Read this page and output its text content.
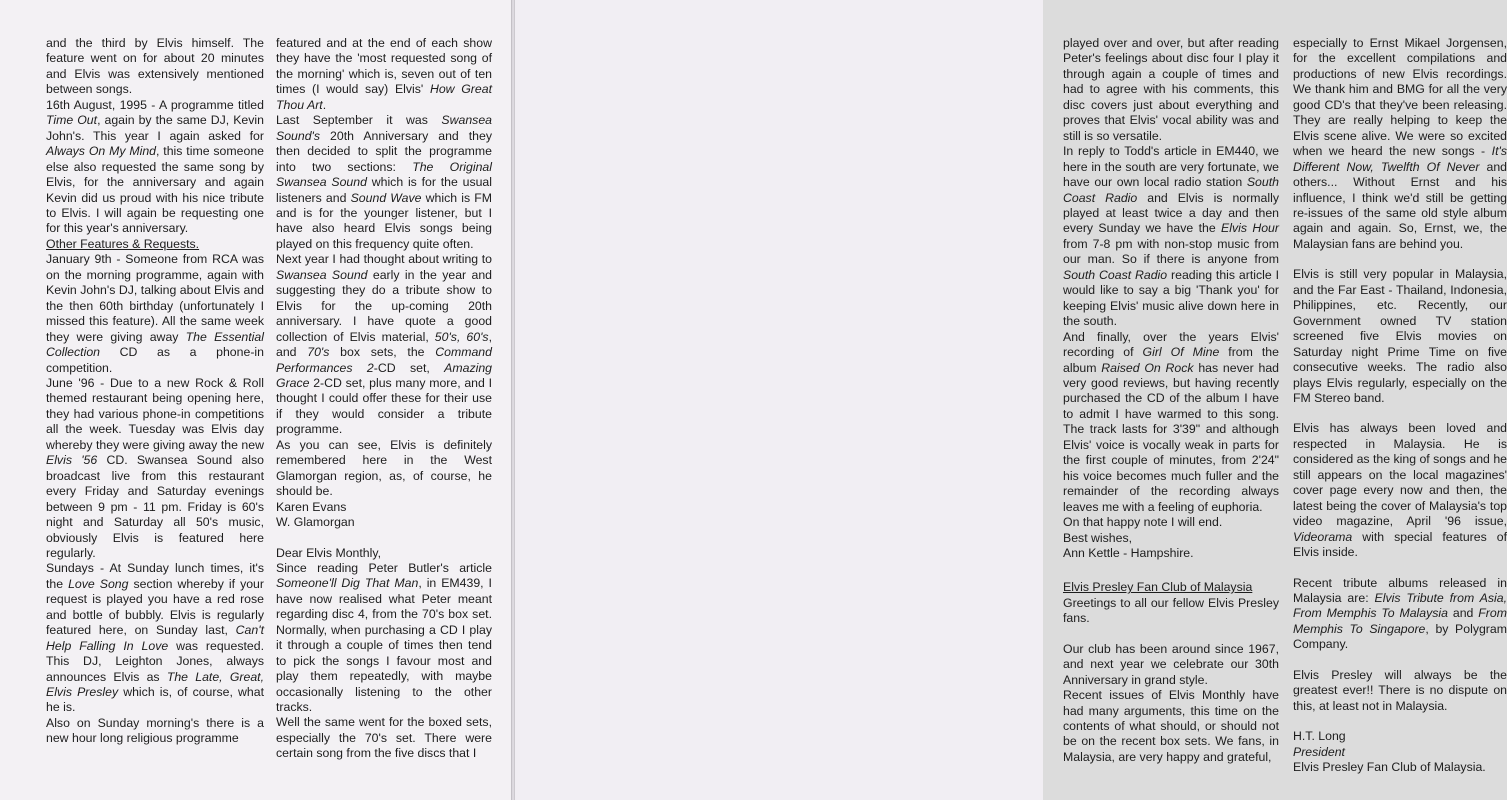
and the third by Elvis himself. The feature went on for about 20 minutes and Elvis was extensively mentioned between songs.

16th August, 1995 - A programme titled Time Out, again by the same DJ, Kevin John's. This year I again asked for Always On My Mind, this time someone else also requested the same song by Elvis, for the anniversary and again Kevin did us proud with his nice tribute to Elvis. I will again be requesting one for this year's anniversary.

Other Features & Requests.

January 9th - Someone from RCA was on the morning programme, again with Kevin John's DJ, talking about Elvis and the then 60th birthday (unfortunately I missed this feature). All the same week they were giving away The Essential Collection CD as a phone-in competition.

June '96 - Due to a new Rock & Roll themed restaurant being opening here, they had various phone-in competitions all the week. Tuesday was Elvis day whereby they were giving away the new Elvis '56 CD. Swansea Sound also broadcast live from this restaurant every Friday and Saturday evenings between 9 pm - 11 pm. Friday is 60's night and Saturday all 50's music, obviously Elvis is featured here regularly.

Sundays - At Sunday lunch times, it's the Love Song section whereby if your request is played you have a red rose and bottle of bubbly. Elvis is regularly featured here, on Sunday last, Can't Help Falling In Love was requested. This DJ, Leighton Jones, always announces Elvis as The Late, Great, Elvis Presley which is, of course, what he is.

Also on Sunday morning's there is a new hour long religious programme

featured and at the end of each show they have the 'most requested song of the morning' which is, seven out of ten times (I would say) Elvis' How Great Thou Art.

Last September it was Swansea Sound's 20th Anniversary and they then decided to split the programme into two sections: The Original Swansea Sound which is for the usual listeners and Sound Wave which is FM and is for the younger listener, but I have also heard Elvis songs being played on this frequency quite often.

Next year I had thought about writing to Swansea Sound early in the year and suggesting they do a tribute show to Elvis for the up-coming 20th anniversary. I have quote a good collection of Elvis material, 50's, 60's, and 70's box sets, the Command Performances 2-CD set, Amazing Grace 2-CD set, plus many more, and I thought I could offer these for their use if they would consider a tribute programme.

As you can see, Elvis is definitely remembered here in the West Glamorgan region, as, of course, he should be.

Karen Evans

W. Glamorgan

Dear Elvis Monthly,

Since reading Peter Butler's article Someone'll Dig That Man, in EM439, I have now realised what Peter meant regarding disc 4, from the 70's box set. Normally, when purchasing a CD I play it through a couple of times then tend to pick the songs I favour most and play them repeatedly, with maybe occasionally listening to the other tracks.

Well the same went for the boxed sets, especially the 70's set. There were certain song from the five discs that I

played over and over, but after reading Peter's feelings about disc four I play it through again a couple of times and had to agree with his comments, this disc covers just about everything and proves that Elvis' vocal ability was and still is so versatile.

In reply to Todd's article in EM440, we here in the south are very fortunate, we have our own local radio station South Coast Radio and Elvis is normally played at least twice a day and then every Sunday we have the Elvis Hour from 7-8 pm with non-stop music from our man. So if there is anyone from South Coast Radio reading this article I would like to say a big 'Thank you' for keeping Elvis' music alive down here in the south.

And finally, over the years Elvis' recording of Girl Of Mine from the album Raised On Rock has never had very good reviews, but having recently purchased the CD of the album I have to admit I have warmed to this song. The track lasts for 3'39" and although Elvis' voice is vocally weak in parts for the first couple of minutes, from 2'24" his voice becomes much fuller and the remainder of the recording always leaves me with a feeling of euphoria.

On that happy note I will end.

Best wishes,

Ann Kettle - Hampshire.

Elvis Presley Fan Club of Malaysia

Greetings to all our fellow Elvis Presley fans.

Our club has been around since 1967, and next year we celebrate our 30th Anniversary in grand style.

Recent issues of Elvis Monthly have had many arguments, this time on the contents of what should, or should not be on the recent box sets. We fans, in Malaysia, are very happy and grateful,

especially to Ernst Mikael Jorgensen, for the excellent compilations and productions of new Elvis recordings. We thank him and BMG for all the very good CD's that they've been releasing. They are really helping to keep the Elvis scene alive. We were so excited when we heard the new songs - It's Different Now, Twelfth Of Never and others... Without Ernst and his influence, I think we'd still be getting re-issues of the same old style album again and again. So, Ernst, we, the Malaysian fans are behind you.

Elvis is still very popular in Malaysia, and the Far East - Thailand, Indonesia, Philippines, etc. Recently, our Government owned TV station screened five Elvis movies on Saturday night Prime Time on five consecutive weeks. The radio also plays Elvis regularly, especially on the FM Stereo band.

Elvis has always been loved and respected in Malaysia. He is considered as the king of songs and he still appears on the local magazines' cover page every now and then, the latest being the cover of Malaysia's top video magazine, April '96 issue, Videorama with special features of Elvis inside.

Recent tribute albums released in Malaysia are: Elvis Tribute from Asia, From Memphis To Malaysia and From Memphis To Singapore, by Polygram Company.

Elvis Presley will always be the greatest ever!! There is no dispute on this, at least not in Malaysia.

H.T. Long

President

Elvis Presley Fan Club of Malaysia.
